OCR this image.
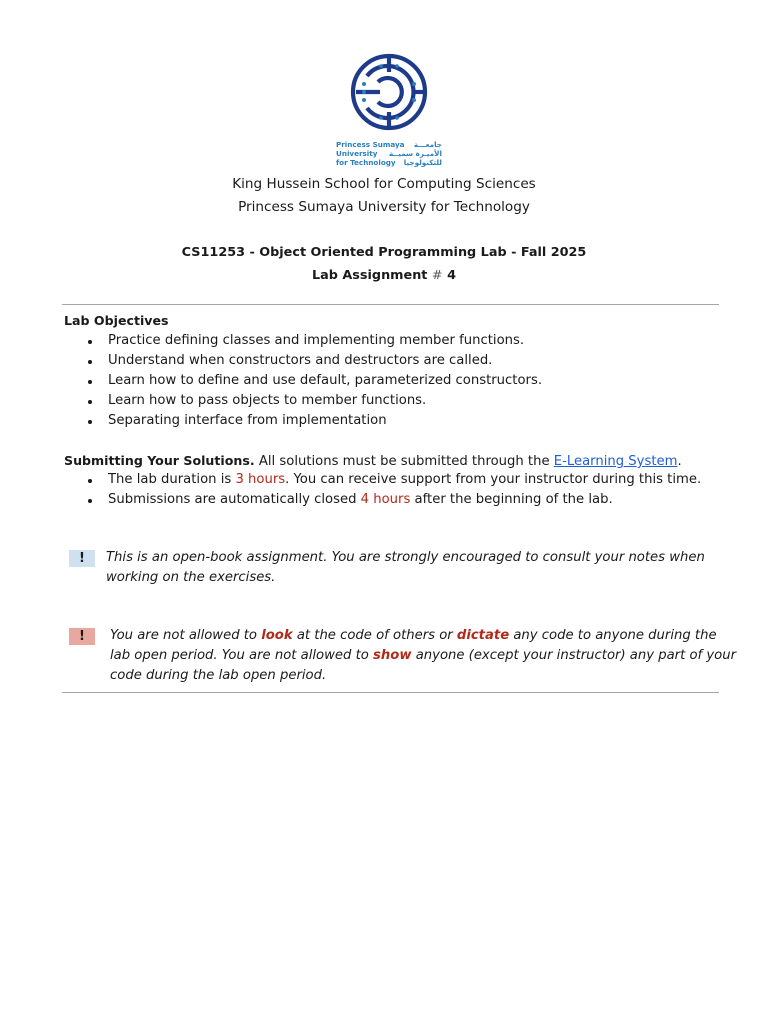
Princess Sumaya جامعـــة
University الأميـرة سميــة
for Technology للتكنولوجيا
King Hussein School for Computing Sciences
Princess Sumaya University for Technology
CS11253 - Object Oriented Programming Lab - Fall 2025
Lab Assignment # 4
Lab Objectives
Practice defining classes and implementing member functions.
Understand when constructors and destructors are called.
Learn how to define and use default, parameterized constructors.
Learn how to pass objects to member functions.
Separating interface from implementation
Submitting Your Solutions. All solutions must be submitted through the E-Learning System.
The lab duration is 3 hours. You can receive support from your instructor during this time.
Submissions are automatically closed 4 hours after the beginning of the lab.
!	This is an open-book assignment. You are strongly encouraged to consult your notes when
working on the exercises.
!	You are not allowed to look at the code of others or dictate any code to anyone during the
lab open period. You are not allowed to show anyone (except your instructor) any part of your
code during the lab open period.
